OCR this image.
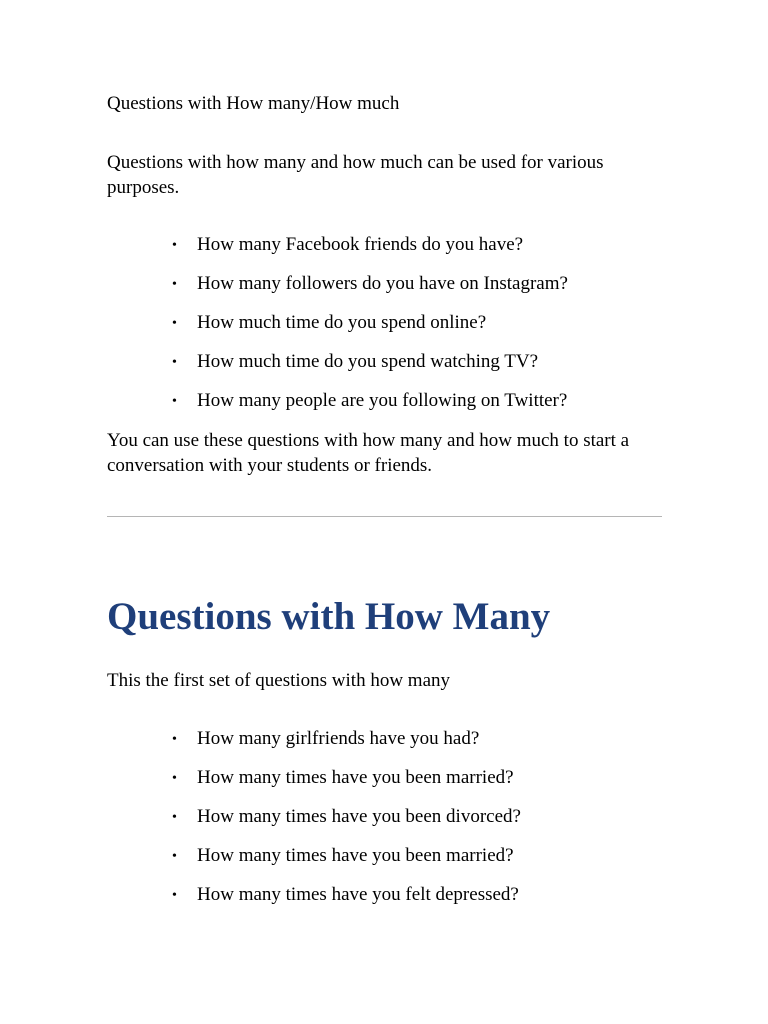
Questions with How many/How much
Questions with how many and how much can be used for various purposes.
• How many Facebook friends do you have?
• How many followers do you have on Instagram?
• How much time do you spend online?
• How much time do you spend watching TV?
• How many people are you following on Twitter?
You can use these questions with how many and how much to start a conversation with your students or friends.
Questions with How Many
This the first set of questions with how many
• How many girlfriends have you had?
• How many times have you been married?
• How many times have you been divorced?
• How many times have you been married?
• How many times have you felt depressed?
